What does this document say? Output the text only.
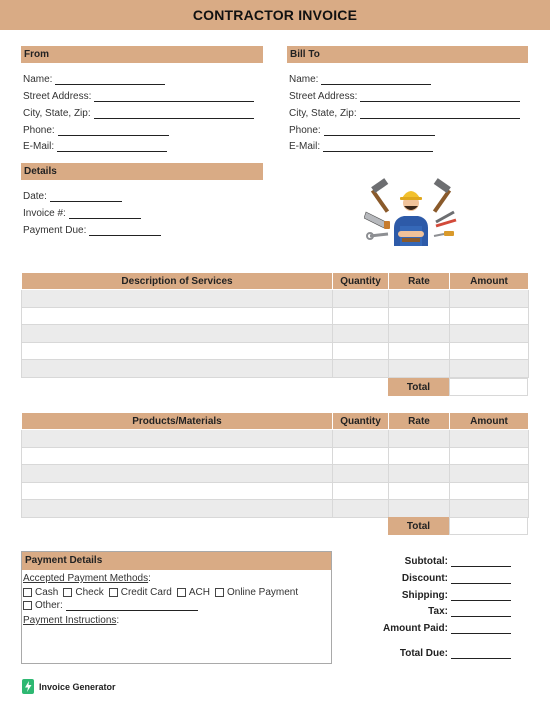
CONTRACTOR INVOICE
From
Name:
Street Address:
City, State, Zip:
Phone:
E-Mail:
Bill To
Name:
Street Address:
City, State, Zip:
Phone:
E-Mail:
Details
Date:
Invoice #:
Payment Due:
Description of Services	Quantity	Rate	Amount

Total
Products/Materials	Quantity	Rate	Amount

Total
Payment Details
Accepted Payment Methods :
Cash Check Credit Card ACH Online Payment
Other:
Payment Instructions :
Subtotal:
Discount:
Shipping:
Tax:
Amount Paid:
Total Due:
Invoice Generator
